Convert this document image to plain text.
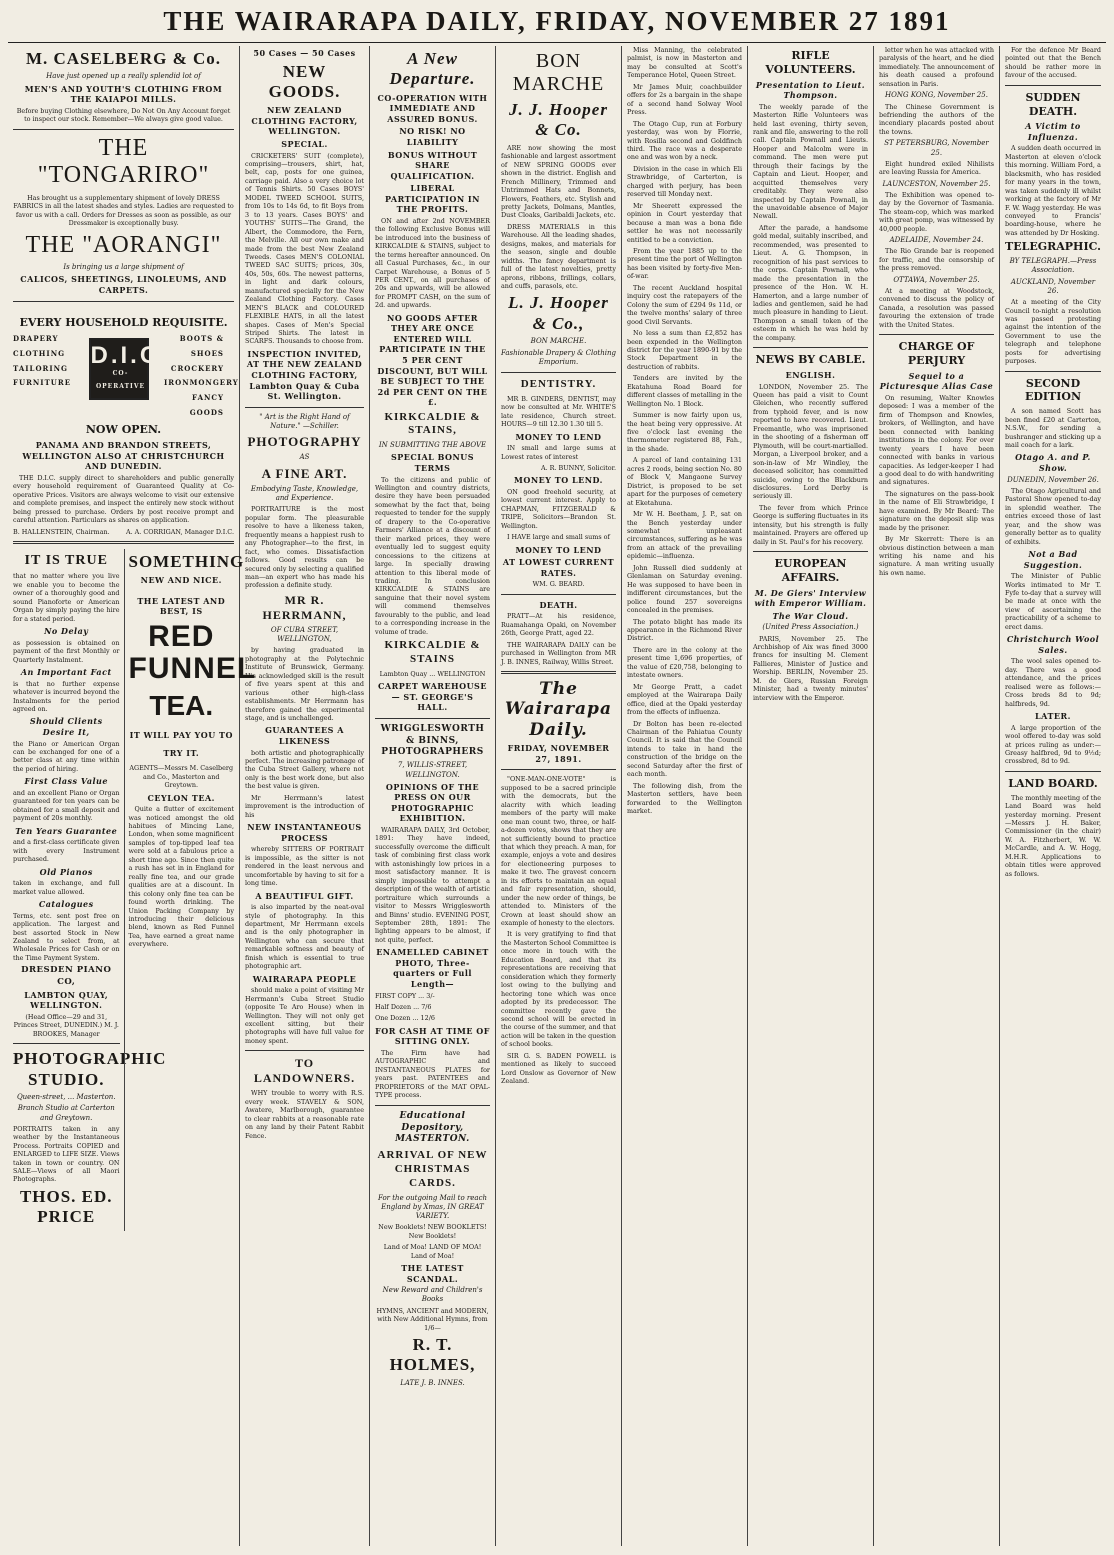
THE WAIRARAPA DAILY, FRIDAY, NOVEMBER 27 1891
M. CASELBERG & Co.
Have just opened up a really splendid lot of
MEN'S AND YOUTH'S CLOTHING FROM THE KAIAPOI MILLS.

Before buying Clothing elsewhere, Do Not On Any Account forget to inspect our stock. Remember—We always give good value.

THE "TONGARIRO"

Has brought us a supplementary shipment of lovely DRESS FABRICS in all the latest shades and styles. Ladies are requested to favor us with a call. Orders for Dresses as soon as possible, as our Dressmaker is exceptionally busy.

THE "AORANGI"
Is bringing us a large shipment of
CALICOS, SHEETINGS, LINOLEUMS, AND CARPETS.
EVERY HOUSEHOLD REQUISITE.
DRAPERY
CLOTHING
TAILORING
FURNITURE
D.I.C
CO-OPERATIVE
STORES
BOOTS & SHOES
CROCKERY
IRONMONGERY
FANCY GOODS
NOW OPEN.
PANAMA AND BRANDON STREETS, WELLINGTON ALSO AT CHRISTCHURCH AND DUNEDIN.

THE D.I.C. supply direct to shareholders and public generally every household requirement of Guaranteed Quality at Co-operative Prices. Visitors are always welcome to visit our extensive and complete premises, and inspect the entirely new stock without being pressed to purchase. Orders by post receive prompt and careful attention. Particulars as shares on application.

B. HALLENSTEIN, Chairman.	A. A. CORRIGAN, Manager D.I.C.
IT IS TRUE

that no matter where you live we enable you to become the owner of a thoroughly good and sound Pianoforte or American Organ by simply paying the hire for a stated period.

No Delay

as possession is obtained on payment of the first Monthly or Quarterly Instalment.

An Important Fact

is that no further expense whatever is incurred beyond the Instalments for the period agreed on.

Should Clients Desire It,

the Piano or American Organ can be exchanged for one of a better class at any time within the period of hiring.

First Class Value

and an excellent Piano or Organ guaranteed for ten years can be obtained for a small deposit and payment of 20s monthly.

Ten Years Guarantee

and a first-class certificate given with every Instrument purchased.

Old Pianos

taken in exchange, and full market value allowed.

Catalogues

Terms, etc. sent post free on application. The largest and best assorted Stock in New Zealand to select from, at Wholesale Prices for Cash or on the Time Payment System.

DRESDEN PIANO CO,
LAMBTON QUAY, WELLINGTON.

(Head Office—29 and 31, Princes Street, DUNEDIN.) M. J. BROOKES, Manager

PHOTOGRAPHIC STUDIO.
Queen-street, ... Masterton.
Branch Studio at Carterton and Greytown.

PORTRAITS taken in any weather by the Instantaneous Process. Portraits COPIED and ENLARGED to LIFE SIZE. Views taken in town or country. ON SALE—Views of all Maori Photographs.

THOS. ED. PRICE
SOMETHING
NEW AND NICE.
THE LATEST AND BEST, IS
RED FUNNEL
TEA.
IT WILL PAY YOU TO TRY IT.

AGENTS—Messrs M. Caselberg and Co., Masterton and Greytown.

CEYLON TEA.

Quite a flutter of excitement was noticed amongst the old habitues of Mincing Lane, London, when some magnificent samples of top-tipped leaf tea were sold at a fabulous price a short time ago. Since then quite a rush has set in in England for really fine tea, and our grade qualities are at a discount. In this colony only fine tea can be found worth drinking. The Union Packing Company by introducing their delicious blend, known as Red Funnel Tea, have earned a great name everywhere.

50 Cases — 50 Cases
NEW GOODS.
NEW ZEALAND CLOTHING FACTORY, WELLINGTON.
SPECIAL.

CRICKETERS' SUIT (complete), comprising—trousers, shirt, hat, belt, cap, posts for one guinea, carriage paid. Also a very choice lot of Tennis Shirts. 50 Cases BOYS' MODEL TWEED SCHOOL SUITS, from 10s to 14s 6d, to fit Boys from 3 to 13 years. Cases BOYS' and YOUTHS' SUITS—The Grand, the Albert, the Commodore, the Fern, the Melville. All our own make and made from the best New Zealand Tweeds. Cases MEN'S COLONIAL TWEED SAC SUITS; prices, 30s, 40s, 50s, 60s. The newest patterns, in light and dark colours, manufactured specially for the New Zealand Clothing Factory. Cases MEN'S BLACK and COLOURED FLEXIBLE HATS, in all the latest shapes. Cases of Men's Special Striped Shirts. The latest in SCARFS. Thousands to choose from.

INSPECTION INVITED, AT THE NEW ZEALAND CLOTHING FACTORY, Lambton Quay & Cuba St. Wellington.
" Art is the Right Hand of Nature." —Schiller.
PHOTOGRAPHY
AS
A FINE ART.
Embodying Taste, Knowledge, and Experience.

PORTRAITURE is the most popular form. The pleasurable resolve to have a likeness taken, frequently means a happiest rush to any Photographer—to the first, in fact, who comes. Dissatisfaction follows. Good results can be secured only by selecting a qualified man—an expert who has made his profession a definite study.

MR R. HERRMANN,
OF CUBA STREET, WELLINGTON,

by having graduated in photography at the Polytechnic Institute of Brunswick, Germany. His acknowledged skill is the result of five years spent at this and various other high-class establishments. Mr Herrmann has therefore gained the experimental stage, and is unchallenged.

GUARANTEES A LIKENESS

both artistic and photographically perfect. The increasing patronage of the Cuba Street Gallery, where not only is the best work done, but also the best value is given.

Mr Herrmann's latest improvement is the introduction of his

NEW INSTANTANEOUS PROCESS

whereby SITTERS OF PORTRAIT is impossible, as the sitter is not rendered in the least nervous and uncomfortable by having to sit for a long time.

A BEAUTIFUL GIFT.

is also imparted by the neat-oval style of photography. In this department, Mr Herrmann excels and is the only photographer in Wellington who can secure that remarkable softness and beauty of finish which is essential to true photographic art.

WAIRARAPA PEOPLE

should make a point of visiting Mr Herrmann's Cuba Street Studio (opposite Te Aro House) when in Wellington. They will not only get excellent sitting, but their photographs will have full value for money spent.

TO LANDOWNERS.

WHY trouble to worry with R.S. every week. STAVELY & SON, Awatere, Marlborough, guarantee to clear rabbits at a reasonable rate on any land by their Patent Rabbit Fence.

A New Departure.
CO-OPERATION WITH IMMEDIATE AND ASSURED BONUS.
NO RISK! NO LIABILITY
BONUS WITHOUT SHARE QUALIFICATION.
LIBERAL PARTICIPATION IN THE PROFITS.

ON and after 2nd NOVEMBER the following Exclusive Bonus will be introduced into the business of KIRKCALDIE & STAINS, subject to the terms hereafter announced. On all Casual Purchases, &c., in our Carpet Warehouse, a Bonus of 5 PER CENT., on all purchases of 20s and upwards, will be allowed for PROMPT CASH, on the sum of 2d. and upwards.

NO GOODS AFTER THEY ARE ONCE ENTERED WILL PARTICIPATE IN THE 5 PER CENT DISCOUNT, BUT WILL BE SUBJECT TO THE 2d PER CENT ON THE £.
KIRKCALDIE & STAINS,
IN SUBMITTING THE ABOVE
SPECIAL BONUS TERMS

To the citizens and public of Wellington and country districts, desire they have been persuaded somewhat by the fact that, being requested to tender for the supply of drapery to the Co-operative Farmers' Alliance at a discount of their marked prices, they were eventually led to suggest equity concessions to the citizens at large. In specially drawing attention to this liberal mode of trading. In conclusion KIRKCALDIE & STAINS are sanguine that their novel system will commend themselves favourably to the public, and lead to a corresponding increase in the volume of trade.

KIRKCALDIE & STAINS

Lambton Quay ... WELLINGTON

CARPET WAREHOUSE— ST. GEORGE'S HALL.
WRIGGLESWORTH & BINNS, PHOTOGRAPHERS
7, WILLIS-STREET, WELLINGTON.
OPINIONS OF THE PRESS ON OUR PHOTOGRAPHIC EXHIBITION.

WAIRARAPA DAILY, 3rd October, 1891: They have indeed, successfully overcome the difficult task of combining first class work with astonishingly low prices in a most satisfactory manner. It is simply impossible to attempt a description of the wealth of artistic portraiture which surrounds a visitor to Messrs Wrigglesworth and Binns' studio. EVENING POST, September 28th, 1891: The lighting appears to be almost, if not quite, perfect.

ENAMELLED CABINET PHOTO, Three-quarters or Full Length—

FIRST COPY ... 3/-

Half Dozen ... 7/6

One Dozen ... 12/6

FOR CASH AT TIME OF SITTING ONLY.

The Firm have had AUTOGRAPHIC and INSTANTANEOUS PLATES for years past. PATENTEES and PROPRIETORS of the MAT OPAL-TYPE process.

Educational Depository, MASTERTON.
ARRIVAL OF NEW CHRISTMAS CARDS.
For the outgoing Mail to reach England by Xmas, IN GREAT VARIETY.

New Booklets! NEW BOOKLETS! New Booklets!

Land of Moa! LAND OF MOA! Land of Moa!

THE LATEST SCANDAL.
New Reward and Children's Books

HYMNS, ANCIENT and MODERN, with New Additional Hymns, from 1/6—

R. T. HOLMES,
LATE J. B. INNES.
BON MARCHE
J. J. Hooper & Co.

ARE now showing the most fashionable and largest assortment of NEW SPRING GOODS ever shown in the district. English and French Millinery, Trimmed and Untrimmed Hats and Bonnets, Flowers, Feathers, etc. Stylish and pretty Jackets, Dolmans, Mantles, Dust Cloaks, Garibaldi Jackets, etc.

DRESS MATERIALS in this Warehouse. All the leading shades, designs, makes, and materials for the season, single and double widths. The fancy department is full of the latest novelties, pretty aprons, ribbons, frillings, collars, and cuffs, parasols, etc.

L. J. Hooper & Co.,
BON MARCHE.
Fashionable Drapery & Clothing Emporium.
DENTISTRY.

MR B. GINDERS, DENTIST, may now be consulted at Mr. WHITE'S late residence, Church street. HOURS—9 till 12.30 1.30 till 5.

MONEY TO LEND

IN small and large sums at Lowest rates of interest

A. R. BUNNY, Solicitor.

MONEY TO LEND.

ON good freehold security, at lowest current interest. Apply to CHAPMAN, FITZGERALD & TRIPE, Solicitors—Brandon St. Wellington.

I HAVE large and small sums of

MONEY TO LEND
AT LOWEST CURRENT RATES.

WM. G. BEARD.

DEATH.

PRATT—At his residence, Ruamahanga Opaki, on November 26th, George Pratt, aged 22.

THE WAIRARAPA DAILY can be purchased in Wellington from MR J. B. INNES, Railway, Willis Street.

The Wairarapa Daily.
FRIDAY, NOVEMBER 27, 1891.

"ONE-MAN-ONE-VOTE" is supposed to be a sacred principle with the democrats, but the alacrity with which leading members of the party will make one man count two, three, or half-a-dozen votes, shows that they are not sufficiently bound to practice that which they preach. A man, for example, enjoys a vote and desires for electioneering purposes to make it two. The gravest concern in its efforts to maintain an equal and fair representation, should, under the new order of things, be attended to. Ministers of the Crown at least should show an example of honesty to the electors.

It is very gratifying to find that the Masterton School Committee is once more in touch with the Education Board, and that its representations are receiving that consideration which they formerly lost owing to the bullying and hectoring tone which was once adopted by its predecessor. The committee recently gave the second school will be erected in the course of the summer, and that action will be taken in the question of school books.

SIR G. S. BADEN POWELL is mentioned as likely to succeed Lord Onslow as Governor of New Zealand.

Miss Manning, the celebrated palmist, is now in Masterton and may be consulted at Scott's Temperance Hotel, Queen Street.

Mr James Muir, coachbuilder offers for 2s a bargain in the shape of a second hand Solway Wool Press.

The Otago Cup, run at Forbury yesterday, was won by Florrie, with Rosilla second and Goldfinch third. The race was a desperate one and was won by a neck.

Division in the case in which Eli Strawbridge, of Carterton, is charged with perjury, has been reserved till Monday next.

Mr Sheerett expressed the opinion in Court yesterday that because a man was a bona fide settler he was not necessarily entitled to be a conviction.

From the year 1885 up to the present time the port of Wellington has been visited by forty-five Men-of-war.

The recent Auckland hospital inquiry cost the ratepayers of the Colony the sum of £294 9s 11d, or the twelve months' salary of three good Civil Servants.

No less a sum than £2,852 has been expended in the Wellington district for the year 1890-91 by the Stock Department in the destruction of rabbits.

Tenders are invited by the Ekatahuna Road Board for different classes of metalling in the Wellington No. 1 Block.

Summer is now fairly upon us, the heat being very oppressive. At five o'clock last evening the thermometer registered 88, Fah., in the shade.

A parcel of land containing 131 acres 2 roods, being section No. 80 of Block V, Mangaone Survey District, is proposed to be set apart for the purposes of cemetery at Eketahuna.

Mr W. H. Beetham, J. P., sat on the Bench yesterday under somewhat unpleasant circumstances, suffering as he was from an attack of the prevailing epidemic—influenza.

John Russell died suddenly at Glenlaman on Saturday evening. He was supposed to have been in indifferent circumstances, but the police found 257 sovereigns concealed in the premises.

The potato blight has made its appearance in the Richmond River District.

There are in the colony at the present time 1,696 properties, of the value of £20,758, belonging to intestate owners.

Mr George Pratt, a cadet employed at the Wairarapa Daily office, died at the Opaki yesterday from the effects of influenza.

Dr Bolton has been re-elected Chairman of the Pahiatua County Council. It is said that the Council intends to take in hand the construction of the bridge on the second Saturday after the first of each month.

The following dish, from the Masterton settlers, have been forwarded to the Wellington market.

RIFLE VOLUNTEERS.
Presentation to Lieut. Thompson.

The weekly parade of the Masterton Rifle Volunteers was held last evening, thirty seven, rank and file, answering to the roll call. Captain Pownall and Lieuts. Hooper and Malcolm were in command. The men were put through their facings by the Captain and Lieut. Hooper, and acquitted themselves very creditably. They were also inspected by Captain Pownall, in the unavoidable absence of Major Newall.

After the parade, a handsome gold medal, suitably inscribed, and recommended, was presented to Lieut. A. G. Thompson, in recognition of his past services to the corps. Captain Pownall, who made the presentation in the presence of the Hon. W. H. Hamerton, and a large number of ladies and gentlemen, said he had much pleasure in handing to Lieut. Thompson a small token of the esteem in which he was held by the company.

NEWS BY CABLE.
ENGLISH.

LONDON, November 25. The Queen has paid a visit to Count Gleichen, who recently suffered from typhoid fever, and is now reported to have recovered. Lieut. Freemantle, who was imprisoned in the shooting of a fisherman off Plymouth, will be court-martialled. Morgan, a Liverpool broker, and a son-in-law of Mr Windley, the deceased solicitor, has committed suicide, owing to the Blackburn disclosures. Lord Derby is seriously ill.

The fever from which Prince George is suffering fluctuates in its intensity, but his strength is fully maintained. Prayers are offered up daily in St. Paul's for his recovery.

EUROPEAN AFFAIRS.
M. De Giers' Interview with Emperor William.
The War Cloud.
(United Press Association.)

PARIS, November 25. The Archbishop of Aix was fined 3000 francs for insulting M. Clement Fallieres, Minister of Justice and Worship. BERLIN, November 25. M. de Giers, Russian Foreign Minister, had a twenty minutes' interview with the Emperor.

letter when he was attacked with paralysis of the heart, and he died immediately. The announcement of his death caused a profound sensation in Paris.

HONG KONG, November 25.

The Chinese Government is befriending the authors of the incendiary placards posted about the towns.

ST PETERSBURG, November 25.

Eight hundred exiled Nihilists are leaving Russia for America.

LAUNCESTON, November 25.

The Exhibition was opened to-day by the Governor of Tasmania. The steam-cop, which was marked with great pomp, was witnessed by 40,000 people.

ADELAIDE, November 24.

The Rio Grande bar is reopened for traffic, and the censorship of the press removed.

OTTAWA, November 25.

At a meeting at Woodstock, convened to discuss the policy of Canada, a resolution was passed favouring the extension of trade with the United States.

CHARGE OF PERJURY
Sequel to a Picturesque Alias Case

On resuming, Walter Knowles deposed: I was a member of the firm of Thompson and Knowles, brokers, of Wellington, and have been connected with banking institutions in the colony. For over twenty years I have been connected with banks in various capacities. As ledger-keeper I had a good deal to do with handwriting and signatures.

The signatures on the pass-book in the name of Eli Strawbridge, I have examined. By Mr Beard: The signature on the deposit slip was made by the prisoner.

By Mr Skerrett: There is an obvious distinction between a man writing his name and his signature. A man writing usually his own name.

For the defence Mr Beard pointed out that the Bench should be rather more in favour of the accused.

SUDDEN DEATH.
A Victim to Influenza.

A sudden death occurred in Masterton at eleven o'clock this morning. William Ford, a blacksmith, who has resided for many years in the town, was taken suddenly ill whilst working at the factory of Mr F. W. Wagg yesterday. He was conveyed to Francis' boarding-house, where he was attended by Dr Hosking.

TELEGRAPHIC.
BY TELEGRAPH.—Press Association.
AUCKLAND, November 26.

At a meeting of the City Council to-night a resolution was passed protesting against the intention of the Government to use the telegraph and telephone posts for advertising purposes.

SECOND EDITION

A son named Scott has been fined £20 at Carterton, N.S.W., for sending a bushranger and sticking up a mail coach for a lark.

Otago A. and P. Show.
DUNEDIN, November 26.

The Otago Agricultural and Pastoral Show opened to-day in splendid weather. The entries exceed those of last year, and the show was generally better as to quality of exhibits.

Not a Bad Suggestion.

The Minister of Public Works intimated to Mr T. Fyfe to-day that a survey will be made at once with the view of ascertaining the practicability of a scheme to erect dams.

Christchurch Wool Sales.

The wool sales opened to-day. There was a good attendance, and the prices realised were as follows:—Cross breds 8d to 9d; halfbreds, 9d.

LATER.

A large proportion of the wool offered to-day was sold at prices ruling as under:—Greasy halfbred, 9d to 9½d; crossbred, 8d to 9d.

LAND BOARD.

The monthly meeting of the Land Board was held yesterday morning. Present—Messrs J. H. Baker, Commissioner (in the chair) W. A. Fitzherbert, W. W. McCardle, and A. W. Hogg, M.H.R. Applications to obtain titles were approved as follows.
